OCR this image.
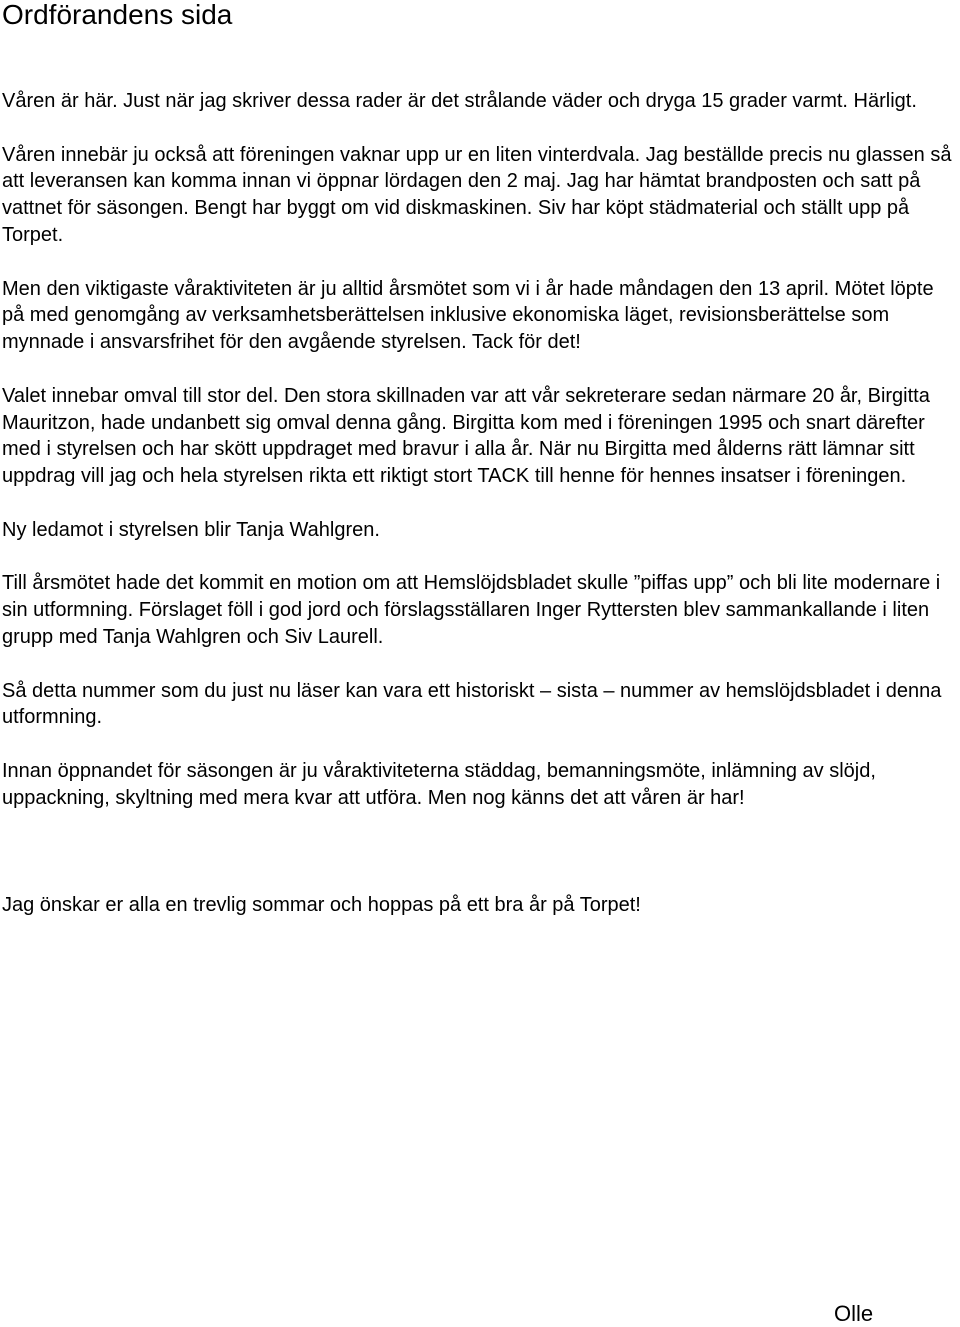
Ordförandens sida

Våren är här. Just när jag skriver dessa rader är det strålande väder och dryga 15 grader varmt. Härligt.

Våren innebär ju också att föreningen vaknar upp ur en liten vinterdvala. Jag beställde precis nu glassen så att leveransen kan komma innan vi öppnar lördagen den 2 maj. Jag har hämtat brandposten och satt på vattnet för säsongen. Bengt har byggt om vid diskmaskinen. Siv har köpt städmaterial och ställt upp på Torpet.

Men den viktigaste våraktiviteten är ju alltid årsmötet som vi i år hade måndagen den 13 april. Mötet löpte på med genomgång av verksamhetsberättelsen inklusive ekonomiska läget, revisionsberättelse som mynnade i ansvarsfrihet för den avgående styrelsen. Tack för det!

Valet innebar omval till stor del. Den stora skillnaden var att vår sekreterare sedan närmare 20 år, Birgitta Mauritzon, hade undanbett sig omval denna gång. Birgitta kom med i föreningen 1995 och snart därefter med i styrelsen och har skött uppdraget med bravur i alla år. När nu Birgitta med ålderns rätt lämnar sitt uppdrag vill jag och hela styrelsen rikta ett riktigt stort TACK till henne för hennes insatser i föreningen.

Ny ledamot i styrelsen blir Tanja Wahlgren.

Till årsmötet hade det kommit en motion om att Hemslöjdsbladet skulle ”piffas upp” och bli lite modernare i sin utformning. Förslaget föll i god jord och förslagsställaren Inger Ryttersten blev sammankallande i liten grupp med Tanja Wahlgren och Siv Laurell.

Så detta nummer som du just nu läser kan vara ett historiskt – sista – nummer av hemslöjdsbladet i denna utformning.

Innan öppnandet för säsongen är ju våraktiviteterna städdag, bemanningsmöte, inlämning av slöjd, uppackning, skyltning med mera kvar att utföra. Men nog känns det att våren är har!

Jag önskar er alla en trevlig sommar och hoppas på ett bra år på Torpet!

Olle
